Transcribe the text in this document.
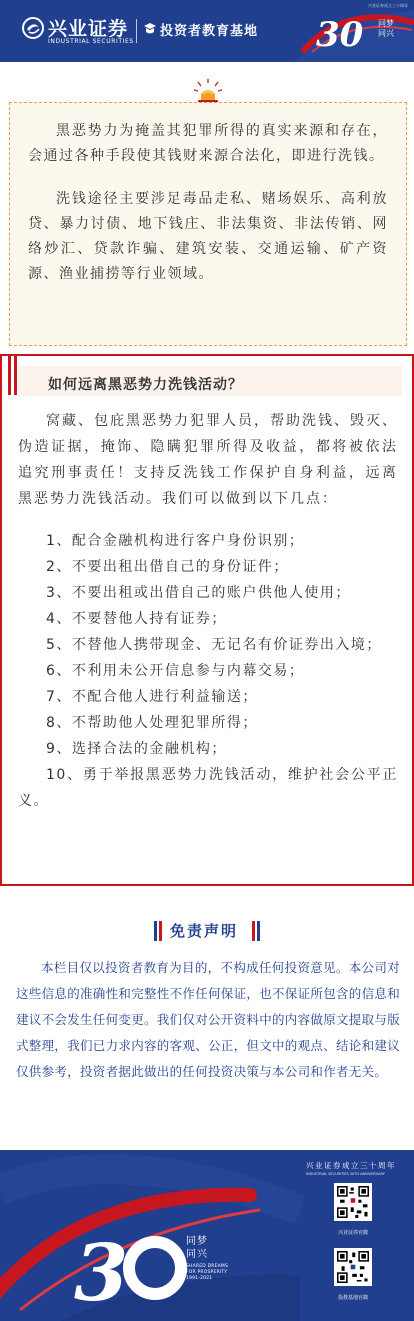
兴业证券
INDUSTRIAL SECURITIES
投资者教育基地 30 同梦
同兴
兴业证券成立三十周年

黑恶势力为掩盖其犯罪所得的真实来源和存在，会通过各种手段使其钱财来源合法化，即进行洗钱。

洗钱途径主要涉足毒品走私、赌场娱乐、高利放贷、暴力讨债、地下钱庄、非法集资、非法传销、网络炒汇、贷款诈骗、建筑安装、交通运输、矿产资源、渔业捕捞等行业领域。

如何远离黑恶势力洗钱活动？

窝藏、包庇黑恶势力犯罪人员，帮助洗钱、毁灭、伪造证据，掩饰、隐瞒犯罪所得及收益，都将被依法追究刑事责任！支持反洗钱工作保护自身利益，远离黑恶势力洗钱活动。我们可以做到以下几点：

1、配合金融机构进行客户身份识别；
2、不要出租出借自己的身份证件；
3、不要出租或出借自己的账户供他人使用；
4、不要替他人持有证券；
5、不替他人携带现金、无记名有价证券出入境；
6、不利用未公开信息参与内幕交易；
7、不配合他人进行利益输送；
8、不帮助他人处理犯罪所得；
9、选择合法的金融机构；
10、勇于举报黑恶势力洗钱活动，维护社会公平正义。
免责声明

本栏目仅以投资者教育为目的，不构成任何投资意见。本公司对这些信息的准确性和完整性不作任何保证，也不保证所包含的信息和建议不会发生任何变更。我们仅对公开资料中的内容做原文提取与版式整理，我们已力求内容的客观、公正，但文中的观点、结论和建议仅供参考，投资者据此做出的任何投资决策与本公司和作者无关。

3	同梦
同兴
SHARED DREAMS
FOR PROSPERITY
1991-2021
兴业证券成立三十周年
INDUSTRIAL SECURITIES 30TH ANNIVERSARY
兴业证券官微
投教基地官微
